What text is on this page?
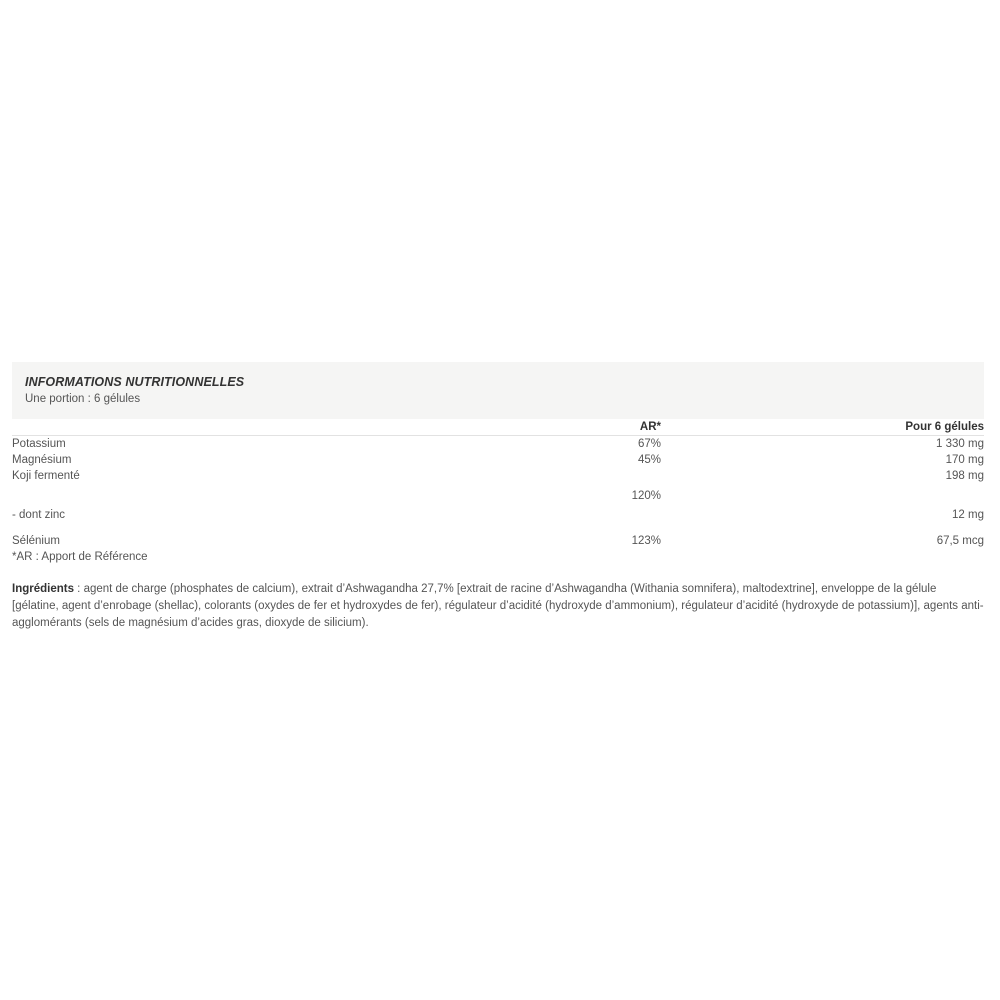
INFORMATIONS NUTRITIONNELLES
Une portion : 6 gélules
	AR*	Pour 6 gélules
Potassium	67%	1 330 mg
Magnésium	45%	170 mg
Koji fermenté		198 mg
- dont zinc	120%	12 mg
Sélénium	123%	67,5 mcg
*AR : Apport de Référence
Ingrédients : agent de charge (phosphates de calcium), extrait d’Ashwagandha 27,7% [extrait de racine d’Ashwagandha (Withania somnifera), maltodextrine], enveloppe de la gélule [gélatine, agent d’enrobage (shellac), colorants (oxydes de fer et hydroxydes de fer), régulateur d’acidité (hydroxyde d’ammonium), régulateur d’acidité (hydroxyde de potassium)], agents anti-agglomérants (sels de magnésium d’acides gras, dioxyde de silicium).
